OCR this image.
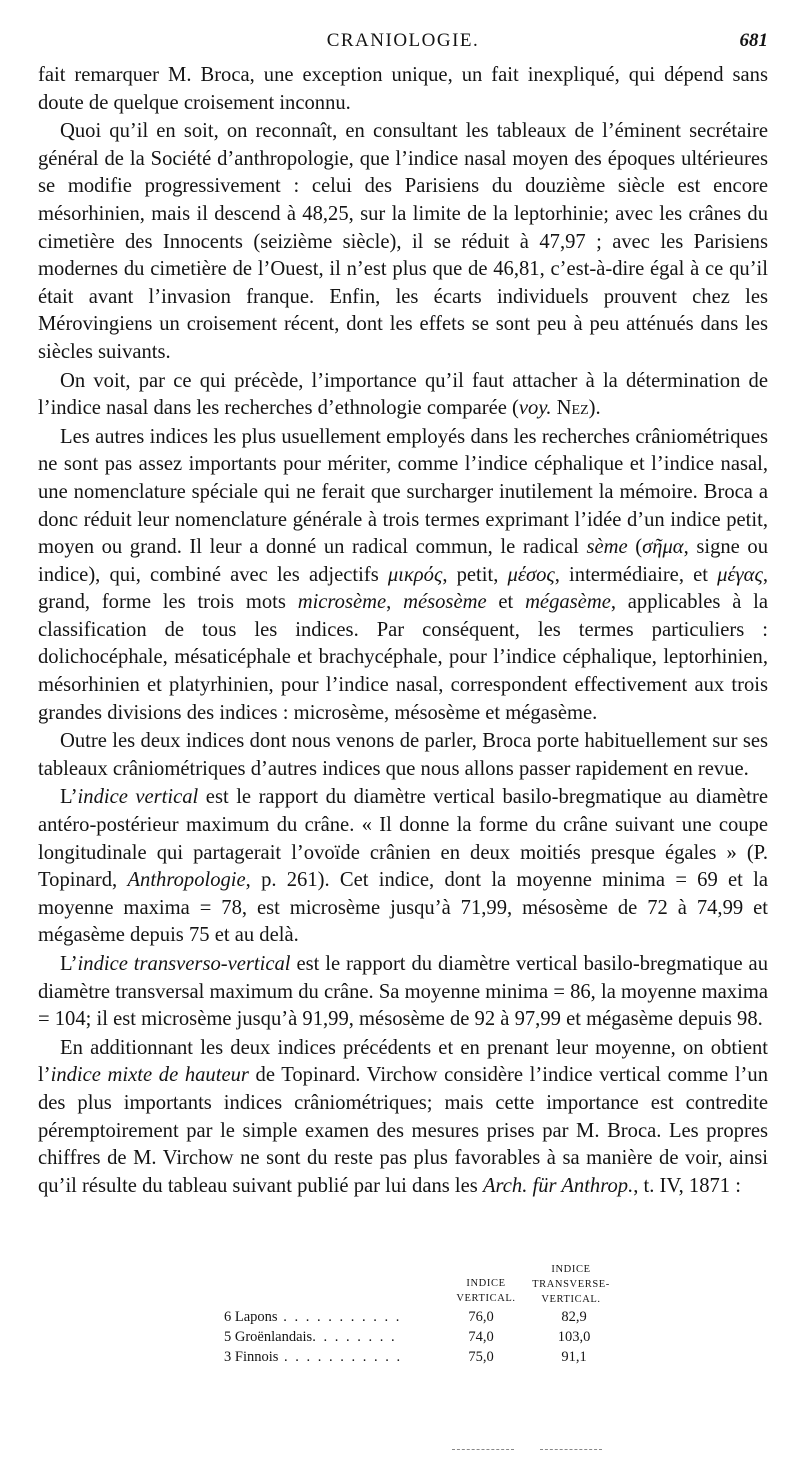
CRANIOLOGIE.	681

fait remarquer M. Broca, une exception unique, un fait inexpliqué, qui dépend sans doute de quelque croisement inconnu.

Quoi qu’il en soit, on reconnaît, en consultant les tableaux de l’éminent secrétaire général de la Société d’anthropologie, que l’indice nasal moyen des époques ultérieures se modifie progressivement : celui des Parisiens du douzième siècle est encore mésorhinien, mais il descend à 48,25, sur la limite de la leptorhinie; avec les crânes du cimetière des Innocents (seizième siècle), il se réduit à 47,97 ; avec les Parisiens modernes du cimetière de l’Ouest, il n’est plus que de 46,81, c’est-à-dire égal à ce qu’il était avant l’invasion franque. Enfin, les écarts individuels prouvent chez les Mérovingiens un croisement récent, dont les effets se sont peu à peu atténués dans les siècles suivants.

On voit, par ce qui précède, l’importance qu’il faut attacher à la détermination de l’indice nasal dans les recherches d’ethnologie comparée (voy. Nez).

Les autres indices les plus usuellement employés dans les recherches crâniométriques ne sont pas assez importants pour mériter, comme l’indice céphalique et l’indice nasal, une nomenclature spéciale qui ne ferait que surcharger inutilement la mémoire. Broca a donc réduit leur nomenclature générale à trois termes exprimant l’idée d’un indice petit, moyen ou grand. Il leur a donné un radical commun, le radical sème (σῆμα, signe ou indice), qui, combiné avec les adjectifs μικρός, petit, μέσος, intermédiaire, et μέγας, grand, forme les trois mots microsème, mésosème et mégasème, applicables à la classification de tous les indices. Par conséquent, les termes particuliers : dolichocéphale, mésaticéphale et brachycéphale, pour l’indice céphalique, leptorhinien, mésorhinien et platyrhinien, pour l’indice nasal, correspondent effectivement aux trois grandes divisions des indices : microsème, mésosème et mégasème.

Outre les deux indices dont nous venons de parler, Broca porte habituellement sur ses tableaux crâniométriques d’autres indices que nous allons passer rapidement en revue.

L’indice vertical est le rapport du diamètre vertical basilo-bregmatique au diamètre antéro-postérieur maximum du crâne. « Il donne la forme du crâne suivant une coupe longitudinale qui partagerait l’ovoïde crânien en deux moitiés presque égales » (P. Topinard, Anthropologie, p. 261). Cet indice, dont la moyenne minima = 69 et la moyenne maxima = 78, est microsème jusqu’à 71,99, mésosème de 72 à 74,99 et mégasème depuis 75 et au delà.

L’indice transverso-vertical est le rapport du diamètre vertical basilo-bregmatique au diamètre transversal maximum du crâne. Sa moyenne minima = 86, la moyenne maxima = 104; il est microsème jusqu’à 91,99, mésosème de 92 à 97,99 et mégasème depuis 98.

En additionnant les deux indices précédents et en prenant leur moyenne, on obtient l’indice mixte de hauteur de Topinard. Virchow considère l’indice vertical comme l’un des plus importants indices crâniométriques; mais cette importance est contredite péremptoirement par le simple examen des mesures prises par M. Broca. Les propres chiffres de M. Virchow ne sont du reste pas plus favorables à sa manière de voir, ainsi qu’il résulte du tableau suivant publié par lui dans les Arch. für Anthrop., t. IV, 1871 :

INDICE VERTICAL.
INDICE TRANSVERSE-VERTICAL.
6 Lapons . . . . . . . . . . .	76,0	82,9
5 Groënlandais. . . . . . . .	74,0	103,0
3 Finnois . . . . . . . . . . .	75,0	91,1
